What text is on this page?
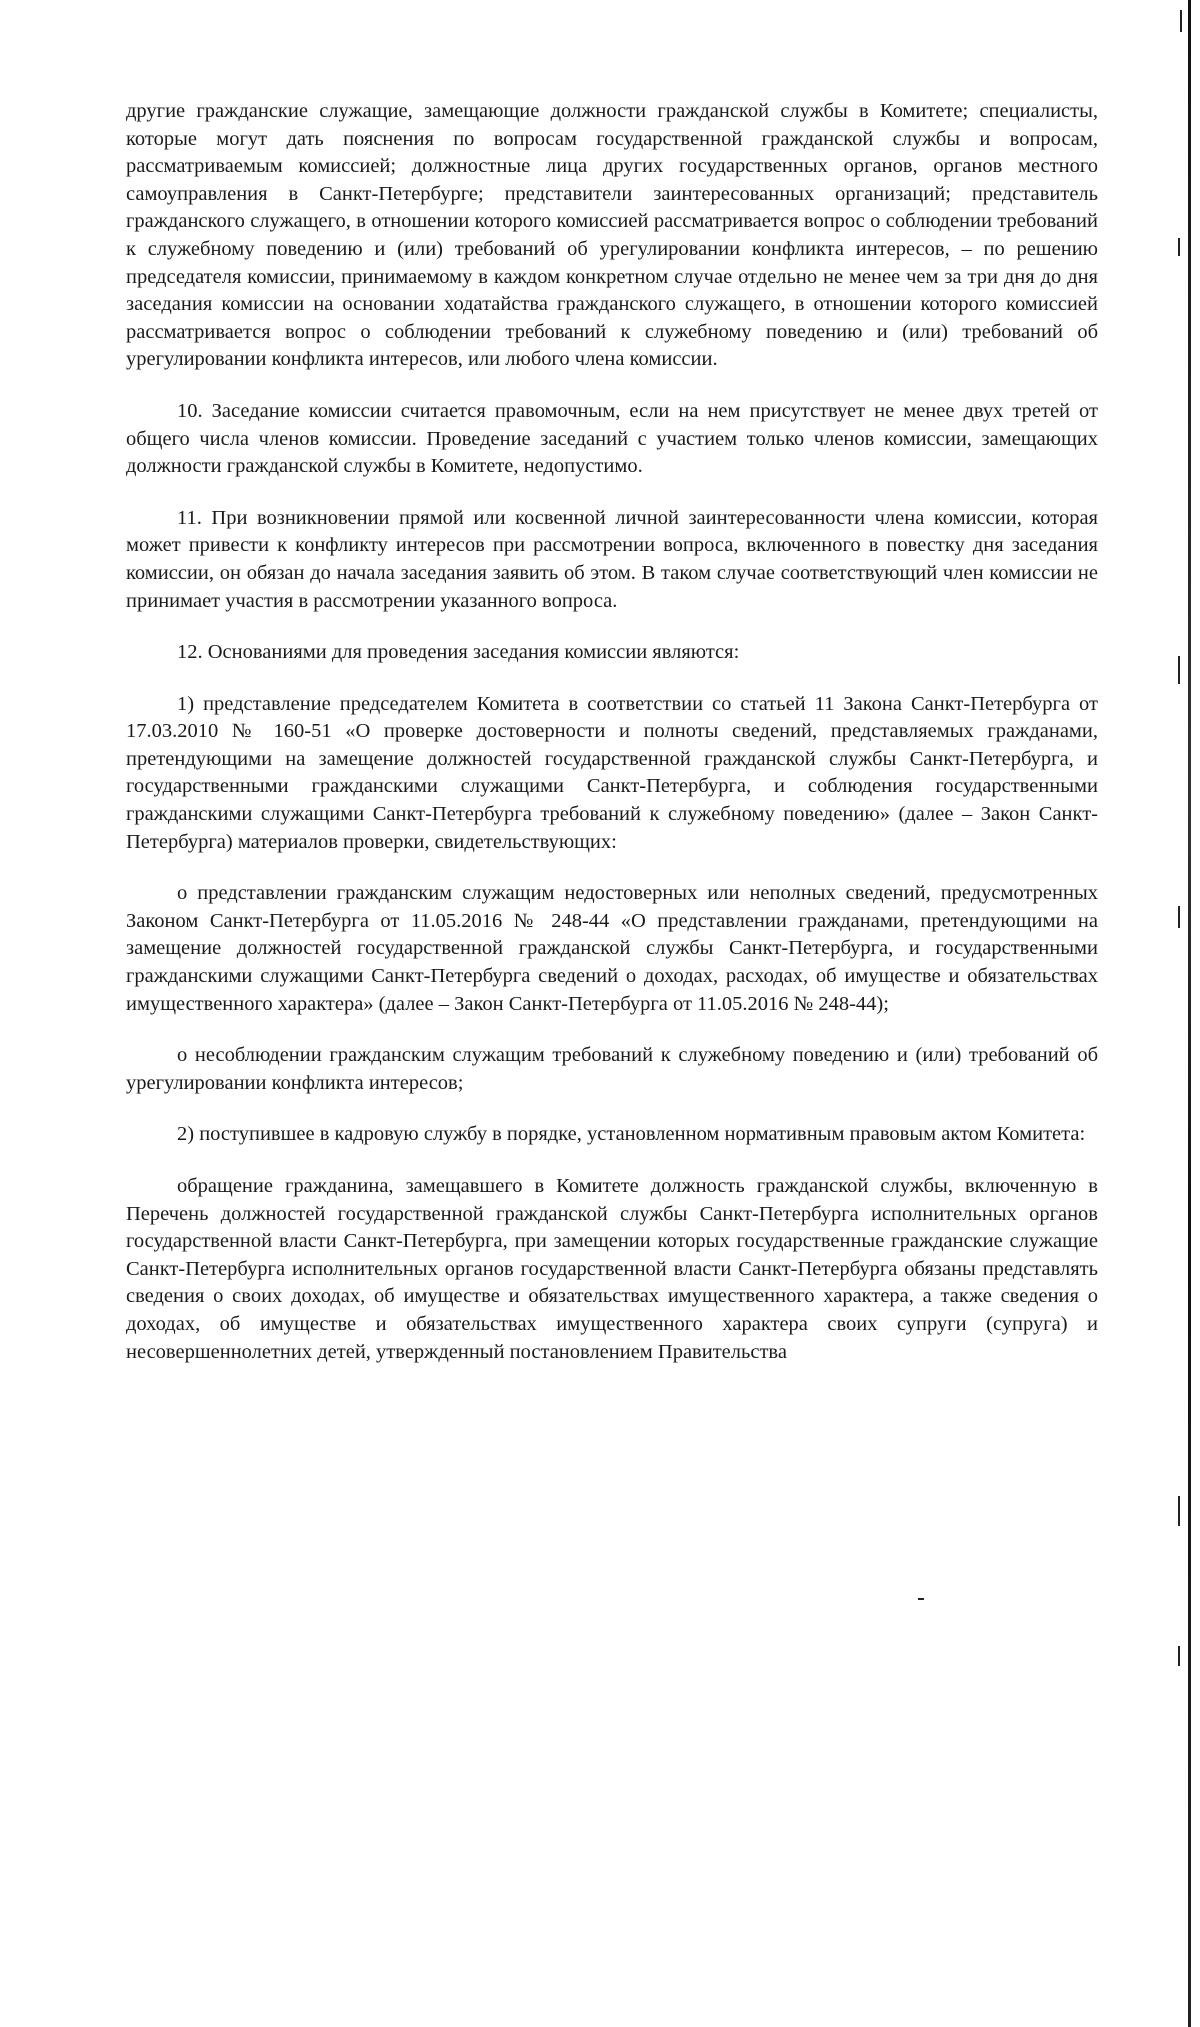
другие гражданские служащие, замещающие должности гражданской службы в Комитете; специалисты, которые могут дать пояснения по вопросам государственной гражданской службы и вопросам, рассматриваемым комиссией; должностные лица других государственных органов, органов местного самоуправления в Санкт-Петербурге; представители заинтересованных организаций; представитель гражданского служащего, в отношении которого комиссией рассматривается вопрос о соблюдении требований к служебному поведению и (или) требований об урегулировании конфликта интересов, – по решению председателя комиссии, принимаемому в каждом конкретном случае отдельно не менее чем за три дня до дня заседания комиссии на основании ходатайства гражданского служащего, в отношении которого комиссией рассматривается вопрос о соблюдении требований к служебному поведению и (или) требований об урегулировании конфликта интересов, или любого члена комиссии.

10. Заседание комиссии считается правомочным, если на нем присутствует не менее двух третей от общего числа членов комиссии. Проведение заседаний с участием только членов комиссии, замещающих должности гражданской службы в Комитете, недопустимо.

11. При возникновении прямой или косвенной личной заинтересованности члена комиссии, которая может привести к конфликту интересов при рассмотрении вопроса, включенного в повестку дня заседания комиссии, он обязан до начала заседания заявить об этом. В таком случае соответствующий член комиссии не принимает участия в рассмотрении указанного вопроса.

12. Основаниями для проведения заседания комиссии являются:

1) представление председателем Комитета в соответствии со статьей 11 Закона Санкт-Петербурга от 17.03.2010 № 160-51 «О проверке достоверности и полноты сведений, представляемых гражданами, претендующими на замещение должностей государственной гражданской службы Санкт-Петербурга, и государственными гражданскими служащими Санкт-Петербурга, и соблюдения государственными гражданскими служащими Санкт-Петербурга требований к служебному поведению» (далее – Закон Санкт-Петербурга) материалов проверки, свидетельствующих:

о представлении гражданским служащим недостоверных или неполных сведений, предусмотренных Законом Санкт-Петербурга от 11.05.2016 № 248-44 «О представлении гражданами, претендующими на замещение должностей государственной гражданской службы Санкт-Петербурга, и государственными гражданскими служащими Санкт-Петербурга сведений о доходах, расходах, об имуществе и обязательствах имущественного характера» (далее – Закон Санкт-Петербурга от 11.05.2016 № 248-44);

о несоблюдении гражданским служащим требований к служебному поведению и (или) требований об урегулировании конфликта интересов;

2) поступившее в кадровую службу в порядке, установленном нормативным правовым актом Комитета:

обращение гражданина, замещавшего в Комитете должность гражданской службы, включенную в Перечень должностей государственной гражданской службы Санкт-Петербурга исполнительных органов государственной власти Санкт-Петербурга, при замещении которых государственные гражданские служащие Санкт-Петербурга исполнительных органов государственной власти Санкт-Петербурга обязаны представлять сведения о своих доходах, об имуществе и обязательствах имущественного характера, а также сведения о доходах, об имуществе и обязательствах имущественного характера своих супруги (супруга) и несовершеннолетних детей, утвержденный постановлением Правительства
